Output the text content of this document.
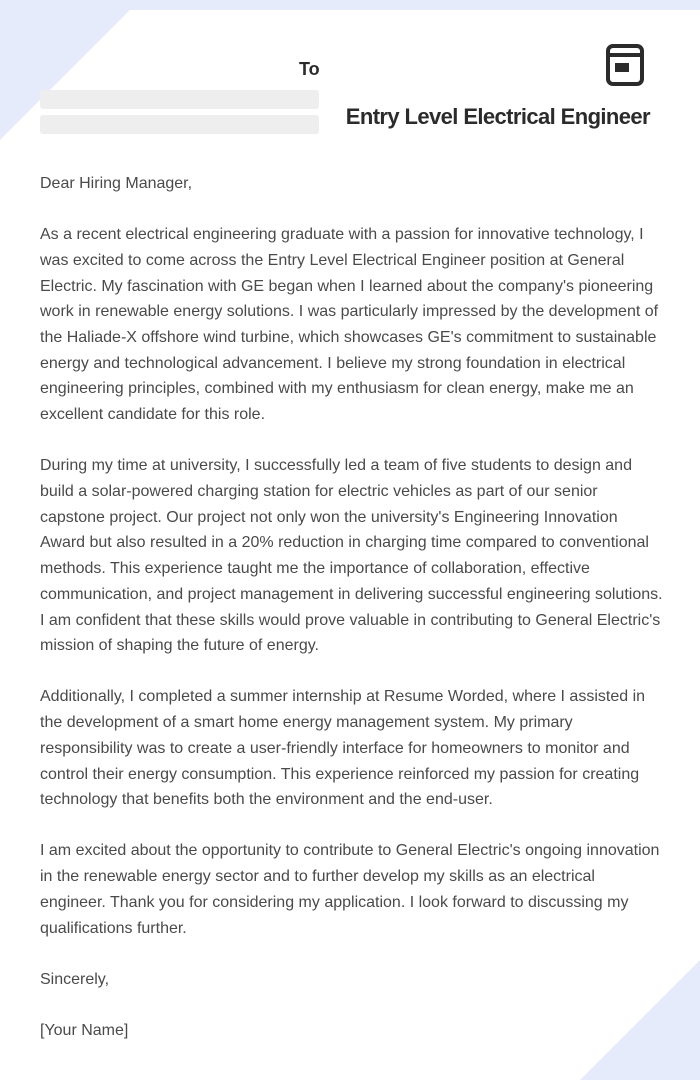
To
Entry Level Electrical Engineer

Dear Hiring Manager,

As a recent electrical engineering graduate with a passion for innovative technology, I was excited to come across the Entry Level Electrical Engineer position at General Electric. My fascination with GE began when I learned about the company's pioneering work in renewable energy solutions. I was particularly impressed by the development of the Haliade-X offshore wind turbine, which showcases GE's commitment to sustainable energy and technological advancement. I believe my strong foundation in electrical engineering principles, combined with my enthusiasm for clean energy, make me an excellent candidate for this role.

During my time at university, I successfully led a team of five students to design and build a solar-powered charging station for electric vehicles as part of our senior capstone project. Our project not only won the university's Engineering Innovation Award but also resulted in a 20% reduction in charging time compared to conventional methods. This experience taught me the importance of collaboration, effective communication, and project management in delivering successful engineering solutions. I am confident that these skills would prove valuable in contributing to General Electric's mission of shaping the future of energy.

Additionally, I completed a summer internship at Resume Worded, where I assisted in the development of a smart home energy management system. My primary responsibility was to create a user-friendly interface for homeowners to monitor and control their energy consumption. This experience reinforced my passion for creating technology that benefits both the environment and the end-user.

I am excited about the opportunity to contribute to General Electric's ongoing innovation in the renewable energy sector and to further develop my skills as an electrical engineer. Thank you for considering my application. I look forward to discussing my qualifications further.

Sincerely,

[Your Name]
